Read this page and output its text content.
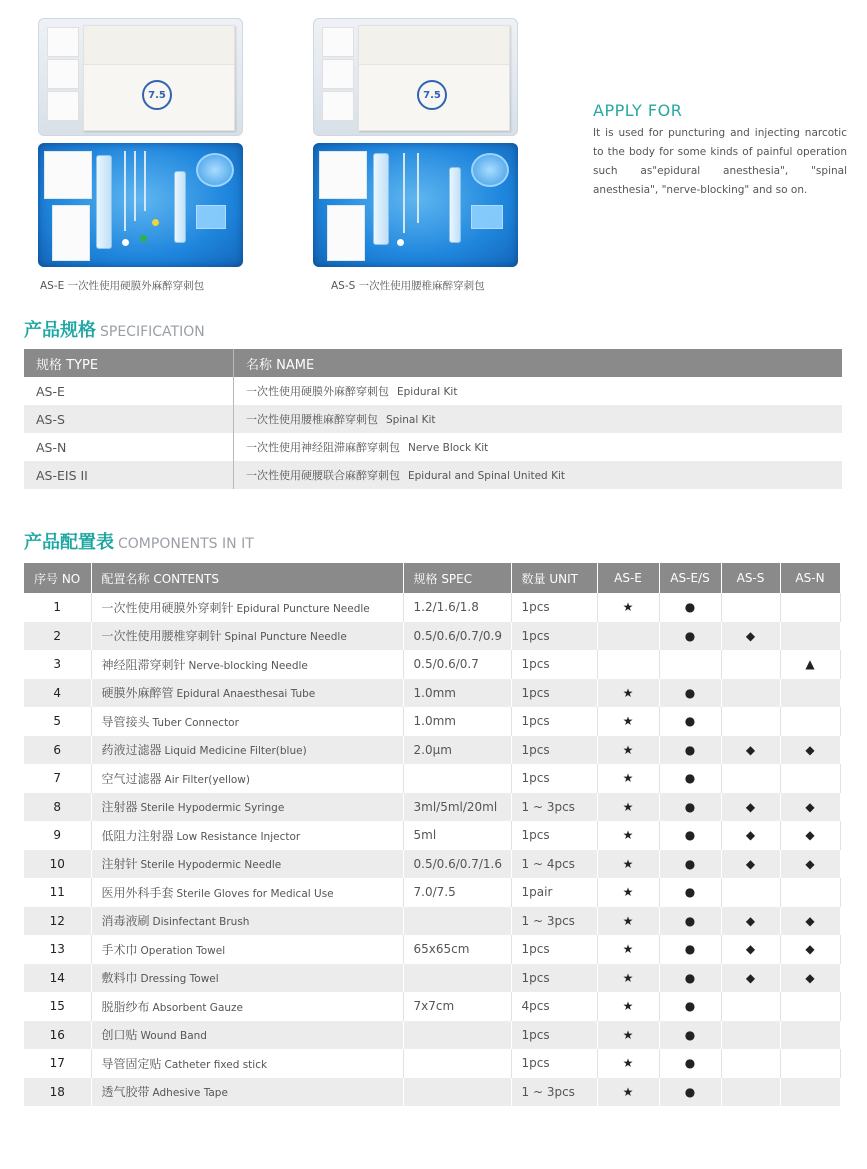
7.5
AS-E 一次性使用硬膜外麻醉穿刺包
7.5
AS-S 一次性使用腰椎麻醉穿刺包
APPLY FOR
It is used for puncturing and injecting narcotic to the body for some kinds of painful operation such as"epidural anesthesia", "spinal anesthesia", "nerve-blocking" and so on.
产品规格 SPECIFICATION
规格 TYPE	名称 NAME
AS-E	一次性使用硬膜外麻醉穿刺包 Epidural Kit
AS-S	一次性使用腰椎麻醉穿刺包 Spinal Kit
AS-N	一次性使用神经阻滞麻醉穿刺包 Nerve Block Kit
AS-EIS II	一次性使用硬腰联合麻醉穿刺包 Epidural and Spinal United Kit
产品配置表 COMPONENTS IN IT
序号 NO	配置名称 CONTENTS	规格 SPEC	数量 UNIT	AS-E	AS-E/S	AS-S	AS-N
1	一次性使用硬膜外穿刺针 Epidural Puncture Needle	1.2/1.6/1.8	1pcs	★	●		
2	一次性使用腰椎穿刺针 Spinal Puncture Needle	0.5/0.6/0.7/0.9	1pcs		●	◆	
3	神经阻滞穿刺针 Nerve-blocking Needle	0.5/0.6/0.7	1pcs				▲
4	硬膜外麻醉管 Epidural Anaesthesai Tube	1.0mm	1pcs	★	●		
5	导管接头 Tuber Connector	1.0mm	1pcs	★	●		
6	药液过滤器 Liquid Medicine Filter(blue)	2.0μm	1pcs	★	●	◆	◆
7	空气过滤器 Air Filter(yellow)		1pcs	★	●		
8	注射器 Sterile Hypodermic Syringe	3ml/5ml/20ml	1 ~ 3pcs	★	●	◆	◆
9	低阻力注射器 Low Resistance Injector	5ml	1pcs	★	●	◆	◆
10	注射针 Sterile Hypodermic Needle	0.5/0.6/0.7/1.6	1 ~ 4pcs	★	●	◆	◆
11	医用外科手套 Sterile Gloves for Medical Use	7.0/7.5	1pair	★	●		
12	消毒液刷 Disinfectant Brush		1 ~ 3pcs	★	●	◆	◆
13	手术巾 Operation Towel	65x65cm	1pcs	★	●	◆	◆
14	敷料巾 Dressing Towel		1pcs	★	●	◆	◆
15	脱脂纱布 Absorbent Gauze	7x7cm	4pcs	★	●		
16	创口贴 Wound Band		1pcs	★	●		
17	导管固定贴 Catheter fixed stick		1pcs	★	●		
18	透气胶带 Adhesive Tape		1 ~ 3pcs	★	●		
